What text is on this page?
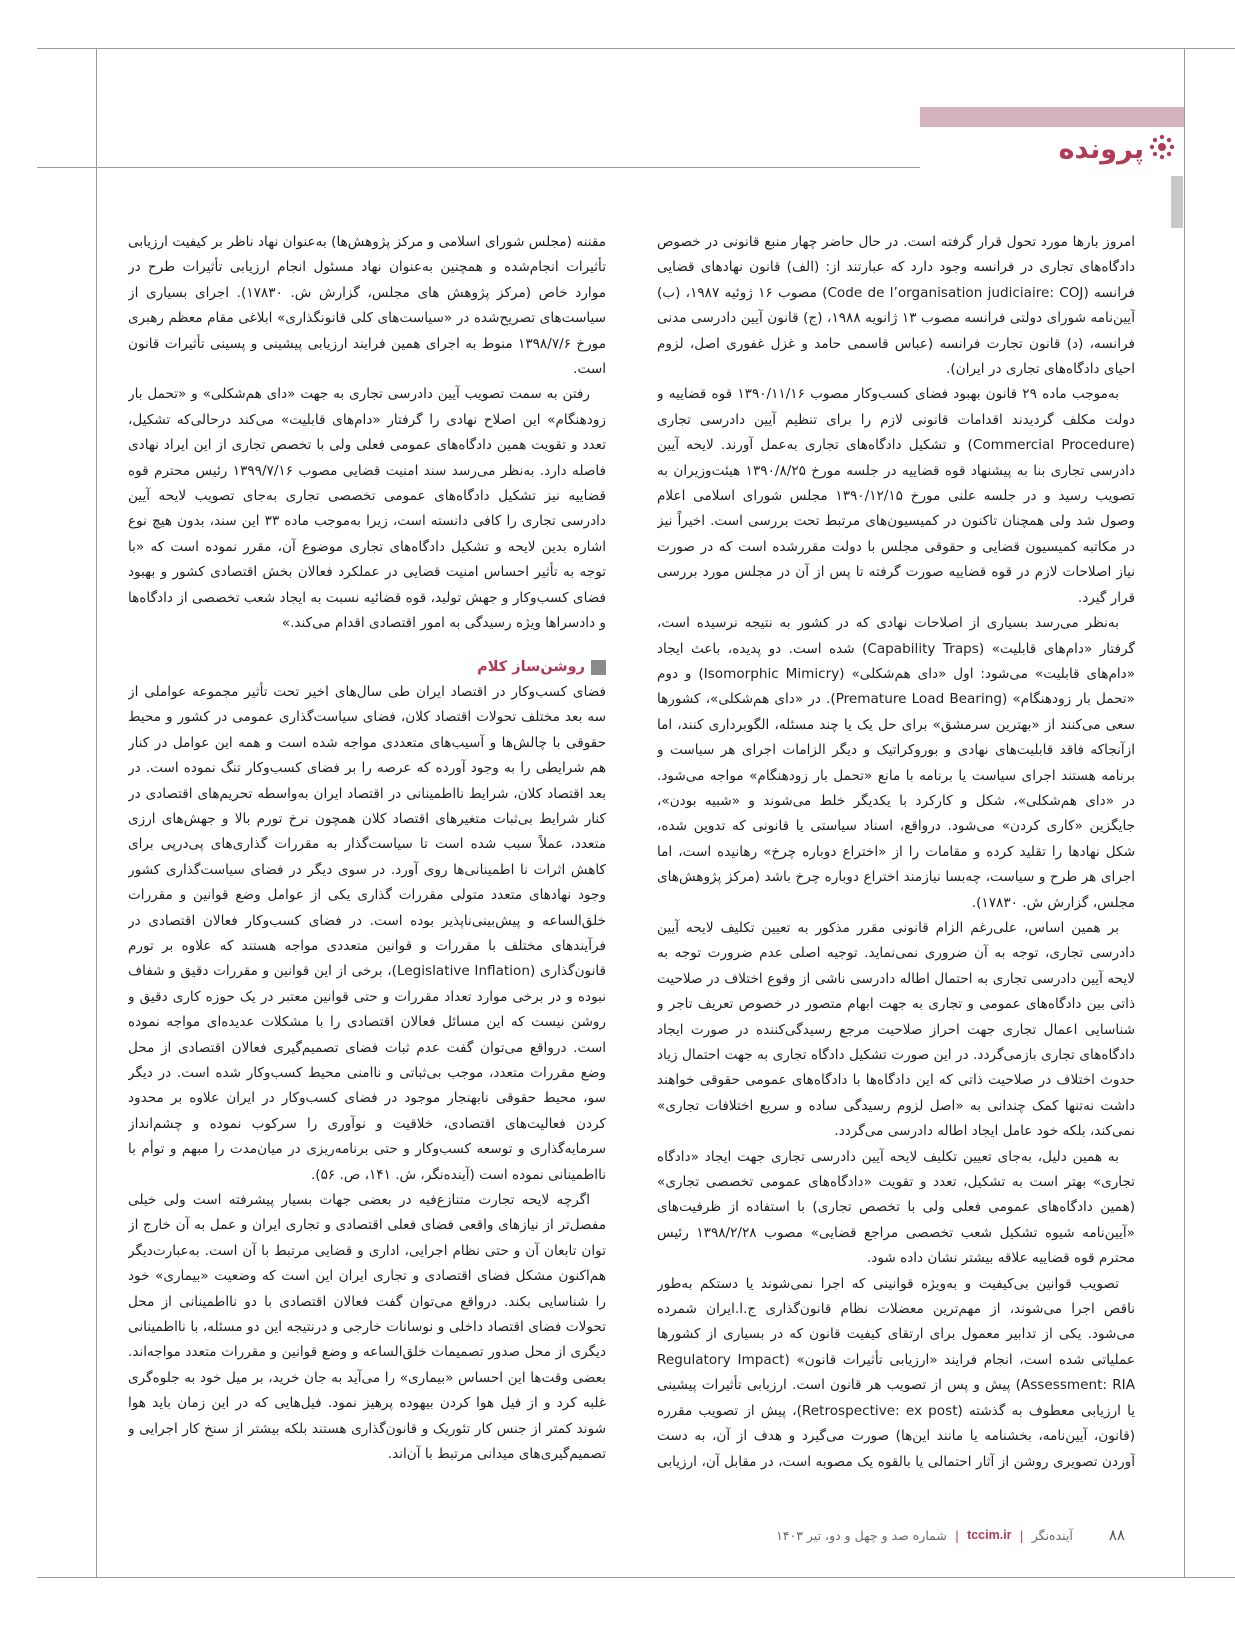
پرونده

امروز بارها مورد تحول قرار گرفته است. در حال حاضر چهار منبع قانونی در خصوص دادگاه‌های تجاری در فرانسه وجود دارد که عبارتند از: (الف) قانون نهادهای قضایی فرانسه (Code de l’organisation judiciaire: COJ) مصوب ۱۶ ژوئیه ۱۹۸۷، (ب) آیین‌نامه شورای دولتی فرانسه مصوب ۱۳ ژانویه ۱۹۸۸، (ج) قانون آیین دادرسی مدنی فرانسه، (د) قانون تجارت فرانسه (عباس قاسمی حامد و غزل غفوری اصل، لزوم احیای دادگاه‌های تجاری در ایران).

به‌موجب ماده ۲۹ قانون بهبود فضای کسب‌وکار مصوب ۱۳۹۰/۱۱/۱۶ قوه قضاییه و دولت مکلف گردیدند اقدامات قانونی لازم را برای تنظیم آیین دادرسی تجاری (Commercial Procedure) و تشکیل دادگاه‌های تجاری به‌عمل آورند. لایحه آیین دادرسی تجاری بنا به پیشنهاد قوه قضاییه در جلسه مورخ ۱۳۹۰/۸/۲۵ هیئت‌وزیران به تصویب رسید و در جلسه علنی مورخ ۱۳۹۰/۱۲/۱۵ مجلس شورای اسلامی اعلام وصول شد ولی همچنان تاکنون در کمیسیون‌های مرتبط تحت بررسی است. اخیراً نیز در مکاتبه کمیسیون قضایی و حقوقی مجلس با دولت مقررشده است که در صورت نیاز اصلاحات لازم در قوه قضاییه صورت گرفته تا پس از آن در مجلس مورد بررسی قرار گیرد.

به‌نظر می‌رسد بسیاری از اصلاحات نهادی که در کشور به نتیجه نرسیده است، گرفتار «دام‌های قابلیت» (Capability Traps) شده است. دو پدیده، باعث ایجاد «دام‌های قابلیت» می‌شود: اول «دای هم‌شکلی» (Isomorphic Mimicry) و دوم «تحمل بار زودهنگام» (Premature Load Bearing). در «دای هم‌شکلی»، کشورها سعی می‌کنند از «بهترین سرمشق» برای حل یک یا چند مسئله، الگوبرداری کنند، اما ازآنجاکه فاقد قابلیت‌های نهادی و بوروکراتیک و دیگر الزامات اجرای هر سیاست و برنامه هستند اجرای سیاست یا برنامه با مانع «تحمل بار زودهنگام» مواجه می‌شود. در «دای هم‌شکلی»، شکل و کارکرد با یکدیگر خلط می‌شوند و «شبیه بودن»، جایگزین «کاری کردن» می‌شود. درواقع، اسناد سیاستی یا قانونی که تدوین شده، شکل نهادها را تقلید کرده و مقامات را از «اختراع دوباره چرخ» رهانیده است، اما اجرای هر طرح و سیاست، چه‌بسا نیازمند اختراع دوباره چرخ باشد (مرکز پژوهش‌های مجلس، گزارش ش. ۱۷۸۳۰).

بر همین اساس، علی‌رغم الزام قانونی مقرر مذکور به تعیین تکلیف لایحه آیین دادرسی تجاری، توجه به آن ضروری نمی‌نماید. توجیه اصلی عدم ضرورت توجه به لایحه آیین دادرسی تجاری به احتمال اطاله دادرسی ناشی از وقوع اختلاف در صلاحیت ذاتی بین دادگاه‌های عمومی و تجاری به جهت ابهام متصور در خصوص تعریف تاجر و شناسایی اعمال تجاری جهت احراز صلاحیت مرجع رسیدگی‌کننده در صورت ایجاد دادگاه‌های تجاری بازمی‌گردد. در این صورت تشکیل دادگاه تجاری به جهت احتمال زیاد حدوث اختلاف در صلاحیت ذاتی که این دادگاه‌ها با دادگاه‌های عمومی حقوقی خواهند داشت نه‌تنها کمک چندانی به «اصل لزوم رسیدگی ساده و سریع اختلافات تجاری» نمی‌کند، بلکه خود عامل ایجاد اطاله دادرسی می‌گردد.

به همین دلیل، به‌جای تعیین تکلیف لایحه آیین دادرسی تجاری جهت ایجاد «دادگاه تجاری» بهتر است به تشکیل، تعدد و تقویت «دادگاه‌های عمومی تخصصی تجاری» (همین دادگاه‌های عمومی فعلی ولی با تخصص تجاری) با استفاده از ظرفیت‌های «آیین‌نامه شیوه تشکیل شعب تخصصی مراجع قضایی» مصوب ۱۳۹۸/۲/۲۸ رئیس محترم قوه قضاییه علاقه بیشتر نشان داده شود.

تصویب قوانین بی‌کیفیت و به‌ویژه قوانینی که اجرا نمی‌شوند یا دستکم به‌طور ناقص اجرا می‌شوند، از مهم‌ترین معضلات نظام قانون‌گذاری ج.ا.ایران شمرده می‌شود. یکی از تدابیر معمول برای ارتقای کیفیت قانون که در بسیاری از کشورها عملیاتی شده است، انجام فرایند «ارزیابی تأثیرات قانون» (Regulatory Impact Assessment: RIA) پیش و پس از تصویب هر قانون است. ارزیابی تأثیرات پیشینی یا ارزیابی معطوف به گذشته (Retrospective: ex post)، پیش از تصویب مقرره (قانون، آیین‌نامه، بخشنامه یا مانند این‌ها) صورت می‌گیرد و هدف از آن، به دست آوردن تصویری روشن از آثار احتمالی یا بالقوه یک مصوبه است، در مقابل آن، ارزیابی

مقننه (مجلس شورای اسلامی و مرکز پژوهش‌ها) به‌عنوان نهاد ناظر بر کیفیت ارزیابی تأثیرات انجام‌شده و همچنین به‌عنوان نهاد مسئول انجام ارزیابی تأثیرات طرح در موارد خاص (مرکز پژوهش های مجلس، گزارش ش. ۱۷۸۳۰). اجرای بسیاری از سیاست‌های تصریح‌شده در «سیاست‌های کلی قانونگذاری» ابلاغی مقام معظم رهبری مورخ ۱۳۹۸/۷/۶ منوط به اجرای همین فرایند ارزیابی پیشینی و پسینی تأثیرات قانون است.

رفتن به سمت تصویب آیین دادرسی تجاری به جهت «دای هم‌شکلی» و «تحمل بار زودهنگام» این اصلاح نهادی را گرفتار «دام‌های قابلیت» می‌کند درحالی‌که تشکیل، تعدد و تقویت همین دادگاه‌های عمومی فعلی ولی با تخصص تجاری از این ایراد نهادی فاصله دارد. به‌نظر می‌رسد سند امنیت قضایی مصوب ۱۳۹۹/۷/۱۶ رئیس محترم قوه قضاییه نیز تشکیل دادگاه‌های عمومی تخصصی تجاری به‌جای تصویب لایحه آیین دادرسی تجاری را کافی دانسته است، زیرا به‌موجب ماده ۳۳ این سند، بدون هیچ نوع اشاره بدین لایحه و تشکیل دادگاه‌های تجاری موضوع آن، مقرر نموده است که «با توجه به تأثیر احساس امنیت قضایی در عملکرد فعالان بخش اقتصادی کشور و بهبود فضای کسب‌وکار و جهش تولید، قوه قضائیه نسبت به ایجاد شعب تخصصی از دادگاه‌ها و دادسراها ویژه رسیدگی به امور اقتصادی اقدام می‌کند.»

روشن‌ساز کلام

فضای کسب‌وکار در اقتصاد ایران طی سال‌های اخیر تحت تأثیر مجموعه عواملی از سه بعد مختلف تحولات اقتصاد کلان، فضای سیاست‌گذاری عمومی در کشور و محیط حقوقی با چالش‌ها و آسیب‌های متعددی مواجه شده است و همه این عوامل در کنار هم شرایطی را به وجود آورده که عرصه را بر فضای کسب‌وکار تنگ نموده است. در بعد اقتصاد کلان، شرایط نااطمینانی در اقتصاد ایران به‌واسطه تحریم‌های اقتصادی در کنار شرایط بی‌ثبات متغیرهای اقتصاد کلان همچون نرخ تورم بالا و جهش‌های ارزی متعدد، عملاً سبب شده است تا سیاست‌گذار به مقررات گذاری‌های پی‌درپی برای کاهش اثرات نا اطمینانی‌ها روی آورد. در سوی دیگر در فضای سیاست‌گذاری کشور وجود نهادهای متعدد متولی مقررات گذاری یکی از عوامل وضع قوانین و مقررات خلق‌الساعه و پیش‌بینی‌ناپذیر بوده است. در فضای کسب‌وکار فعالان اقتصادی در فرآیندهای مختلف با مقررات و قوانین متعددی مواجه هستند که علاوه بر تورم قانون‌گذاری (Legislative Inflation)، برخی از این قوانین و مقررات دقیق و شفاف نبوده و در برخی موارد تعداد مقررات و حتی قوانین معتبر در یک حوزه کاری دقیق و روشن نیست که این مسائل فعالان اقتصادی را با مشکلات عدیده‌ای مواجه نموده است. درواقع می‌توان گفت عدم ثبات فضای تصمیم‌گیری فعالان اقتصادی از محل وضع مقررات متعدد، موجب بی‌ثباتی و ناامنی محیط کسب‌وکار شده است. در دیگر سو، محیط حقوقی نابهنجار موجود در فضای کسب‌وکار در ایران علاوه بر محدود کردن فعالیت‌های اقتصادی، خلاقیت و نوآوری را سرکوب نموده و چشم‌انداز سرمایه‌گذاری و توسعه کسب‌وکار و حتی برنامه‌ریزی در میان‌مدت را مبهم و توأم با نااطمینانی نموده است (آینده‌نگر، ش. ۱۴۱، ص. ۵۶).

اگرچه لایحه تجارت متنازع‌فیه در بعضی جهات بسیار پیشرفته است ولی خیلی مفصل‌تر از نیازهای واقعی فضای فعلی اقتصادی و تجاری ایران و عمل به آن خارج از توان تابعان آن و حتی نظام اجرایی، اداری و قضایی مرتبط با آن است. به‌عبارت‌دیگر هم‌اکنون مشکل فضای اقتصادی و تجاری ایران این است که وضعیت «بیماری» خود را شناسایی بکند. درواقع می‌توان گفت فعالان اقتصادی با دو نااطمینانی از محل تحولات فضای اقتصاد داخلی و نوسانات خارجی و درنتیجه این دو مسئله، با نااطمینانی دیگری از محل صدور تصمیمات خلق‌الساعه و وضع قوانین و مقررات متعدد مواجه‌اند. بعضی وقت‌ها این احساس «بیماری» را می‌آید به جان خرید، بر میل خود به جلوه‌گری غلبه کرد و از فیل هوا کردن بیهوده پرهیز نمود. فیل‌هایی که در این زمان باید هوا شوند کمتر از جنس کار تئوریک و قانون‌گذاری هستند بلکه بیشتر از سنخ کار اجرایی و تصمیم‌گیری‌های میدانی مرتبط با آن‌اند.

۸۸
آینده‌نگر
|
tccim.ir
|
شماره صد و چهل و دو، تیر ۱۴۰۳
